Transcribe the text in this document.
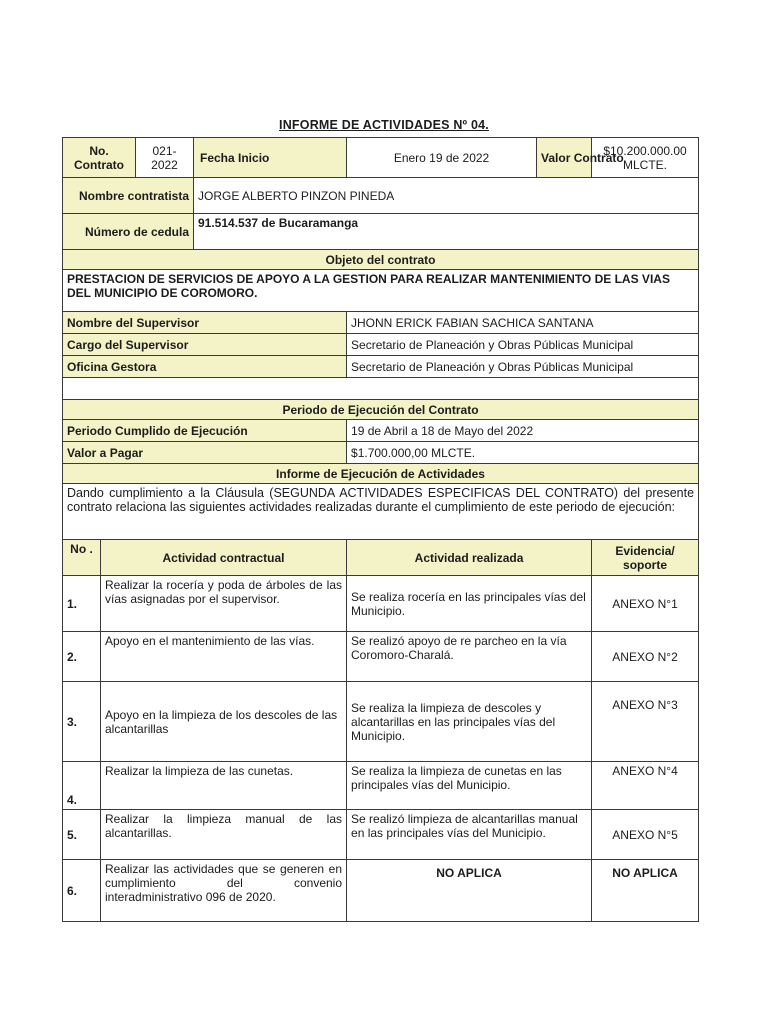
INFORME DE ACTIVIDADES Nº 04.
No. Contrato		021-2022	Fecha Inicio	Enero 19 de 2022	Valor Contrato	$10.200.000.00 MLCTE.
Nombre contratista			JORGE ALBERTO PINZON PINEDA			
Número de cedula			91.514.537 de Bucaramanga			
Objeto del contrato						
PRESTACION DE SERVICIOS DE APOYO A LA GESTION PARA REALIZAR MANTENIMIENTO DE LAS VIAS DEL MUNICIPIO DE COROMORO.						
Nombre del Supervisor				JHONN ERICK FABIAN SACHICA SANTANA		
Cargo del Supervisor				Secretario de Planeación y Obras Públicas Municipal		
Oficina Gestora				Secretario de Planeación y Obras Públicas Municipal		

Periodo de Ejecución del Contrato						
Periodo Cumplido de Ejecución				19 de Abril a 18 de Mayo del 2022		
Valor a Pagar				$1.700.000,00 MLCTE.		
Informe de Ejecución de Actividades						
Dando cumplimiento a la Cláusula (SEGUNDA ACTIVIDADES ESPECIFICAS DEL CONTRATO) del presente contrato relaciona las siguientes actividades realizadas durante el cumplimiento de este periodo de ejecución:						
No .	Actividad contractual			Actividad realizada		Evidencia/ soporte
1.	Realizar la rocería y poda de árboles de las vías asignadas por el supervisor.			Se realiza rocería en las principales vías del Municipio.		ANEXO N°1
2.	Apoyo en el mantenimiento de las vías.			Se realizó apoyo de re parcheo en la vía Coromoro-Charalá.		ANEXO N°2
3.	Apoyo en la limpieza de los descoles de las alcantarillas			Se realiza la limpieza de descoles y alcantarillas en las principales vías del Municipio.		ANEXO N°3
4.	Realizar la limpieza de las cunetas.			Se realiza la limpieza de cunetas en las principales vías del Municipio.		ANEXO N°4
5.	Realizar la limpieza manual de las alcantarillas.			Se realizó limpieza de alcantarillas manual en las principales vías del Municipio.		ANEXO N°5
6.	Realizar las actividades que se generen en cumplimiento del convenio interadministrativo 096 de 2020.			NO APLICA		NO APLICA
